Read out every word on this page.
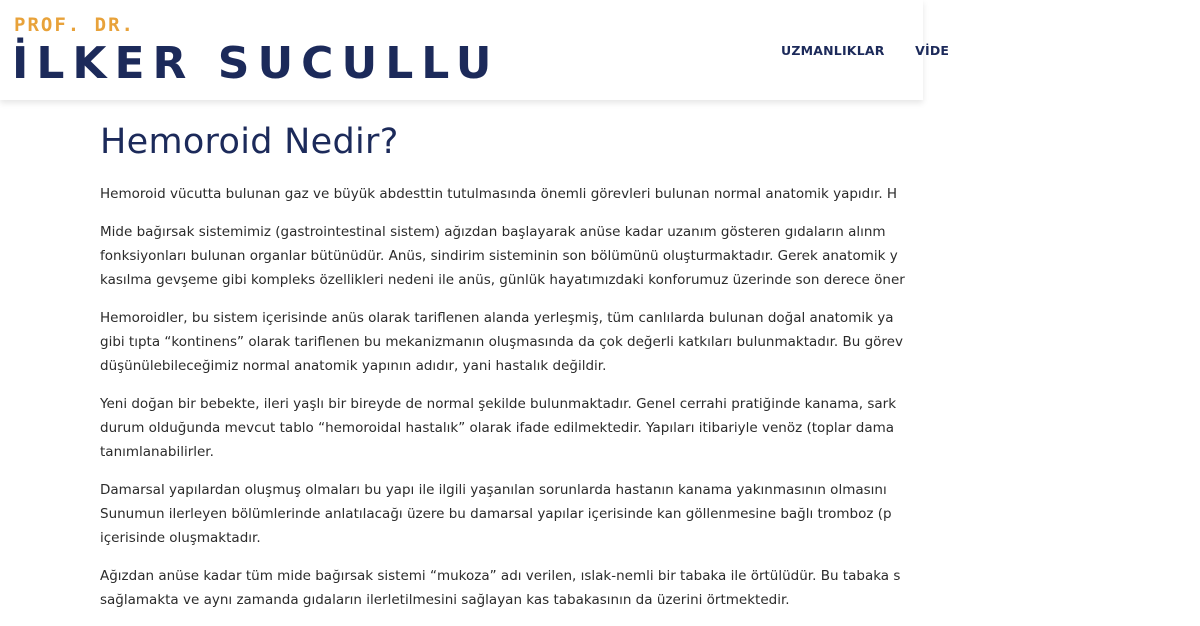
PROF. DR.
İLKER SUCULLU	UZMANLIKLAR VİDE
Hemoroid Nedir?

Hemoroid vücutta bulunan gaz ve büyük abdesttin tutulmasında önemli görevleri bulunan normal anatomik yapıdır. H

Mide bağırsak sistemimiz (gastrointestinal sistem) ağızdan başlayarak anüse kadar uzanım gösteren gıdaların alınm
fonksiyonları bulunan organlar bütünüdür. Anüs, sindirim sisteminin son bölümünü oluşturmaktadır. Gerek anatomik y
kasılma gevşeme gibi kompleks özellikleri nedeni ile anüs, günlük hayatımızdaki konforumuz üzerinde son derece öner

Hemoroidler, bu sistem içerisinde anüs olarak tariflenen alanda yerleşmiş, tüm canlılarda bulunan doğal anatomik ya
gibi tıpta “kontinens” olarak tariflenen bu mekanizmanın oluşmasında da çok değerli katkıları bulunmaktadır. Bu görev
düşünülebileceğimiz normal anatomik yapının adıdır, yani hastalık değildir.

Yeni doğan bir bebekte, ileri yaşlı bir bireyde de normal şekilde bulunmaktadır. Genel cerrahi pratiğinde kanama, sark
durum olduğunda mevcut tablo “hemoroidal hastalık” olarak ifade edilmektedir. Yapıları itibariyle venöz (toplar dama
tanımlanabilirler.

Damarsal yapılardan oluşmuş olmaları bu yapı ile ilgili yaşanılan sorunlarda hastanın kanama yakınmasının olmasını
Sunumun ilerleyen bölümlerinde anlatılacağı üzere bu damarsal yapılar içerisinde kan göllenmesine bağlı tromboz (p
içerisinde oluşmaktadır.

Ağızdan anüse kadar tüm mide bağırsak sistemi “mukoza” adı verilen, ıslak-nemli bir tabaka ile örtülüdür. Bu tabaka s
sağlamakta ve aynı zamanda gıdaların ilerletilmesini sağlayan kas tabakasının da üzerini örtmektedir.
